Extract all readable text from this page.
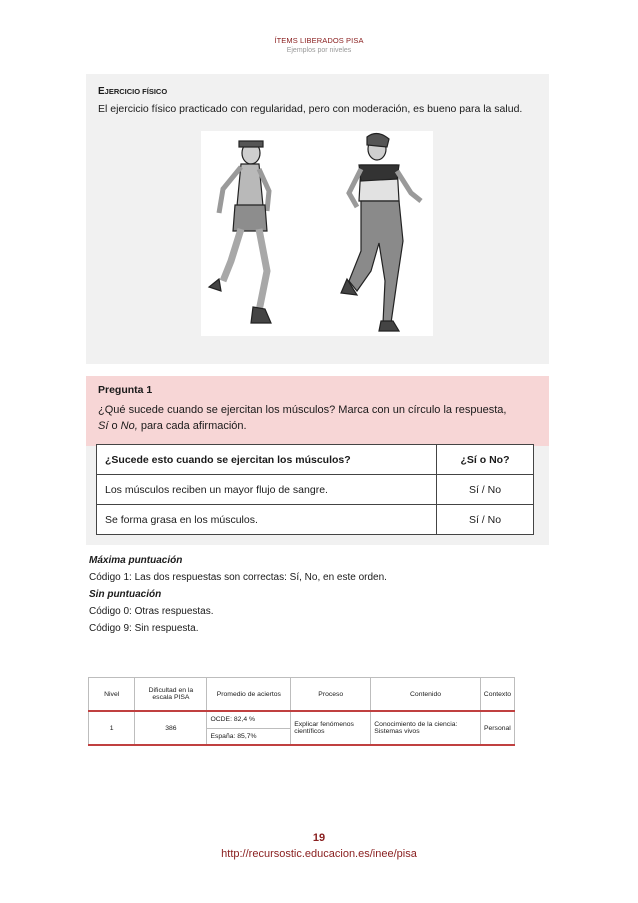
ÍTEMS LIBERADOS PISA
Ejemplos por niveles
EJERCICIO FÍSICO
El ejercicio físico practicado con regularidad, pero con moderación, es bueno para la salud.
Pregunta 1
¿Qué sucede cuando se ejercitan los músculos? Marca con un círculo la respuesta,
Sí o No, para cada afirmación.
¿Sucede esto cuando se ejercitan los músculos?	¿Sí o No?
Los músculos reciben un mayor flujo de sangre.	Sí / No
Se forma grasa en los músculos.	Sí / No
Máxima puntuación
Código 1: Las dos respuestas son correctas: Sí, No, en este orden.
Sin puntuación
Código 0: Otras respuestas.
Código 9: Sin respuesta.
Nivel	Dificultad en la escala PISA	Promedio de aciertos	Proceso	Contenido	Contexto
1	386	OCDE: 82,4 %	Explicar fenómenos científicos	Conocimiento de la ciencia: Sistemas vivos	Personal
		España: 85,7%			
19
http://recursostic.educacion.es/inee/pisa
